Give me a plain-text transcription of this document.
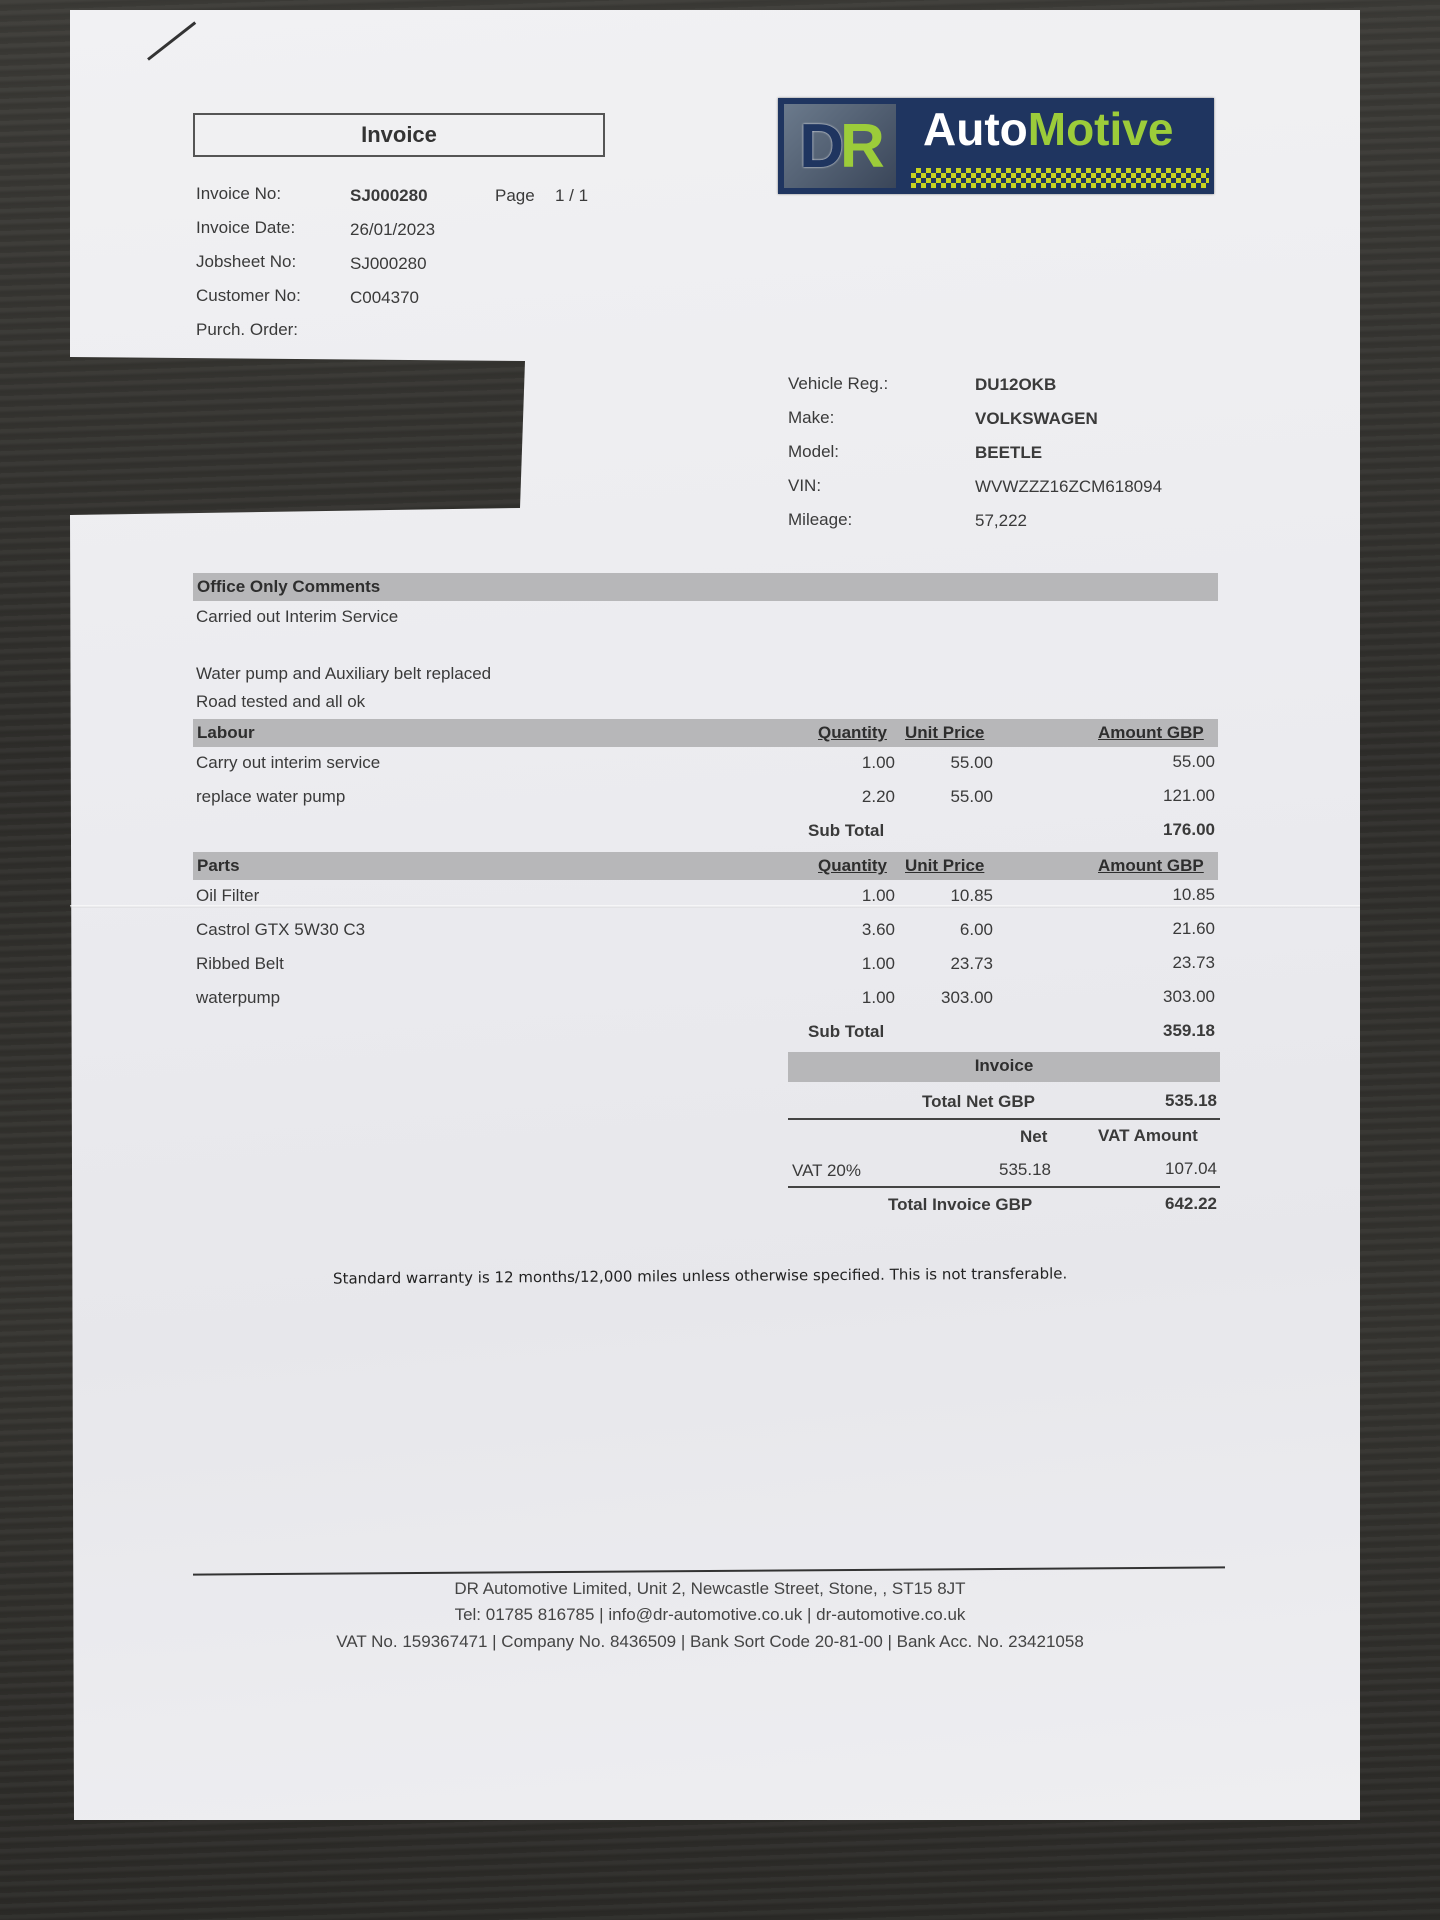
Invoice
Invoice No:	SJ000280	Page 1 / 1
Invoice Date:	26/01/2023
Jobsheet No:	SJ000280
Customer No:	C004370
Purch. Order:
D R AutoMotive
Vehicle Reg.:	DU12OKB
Make:	VOLKSWAGEN
Model:	BEETLE
VIN:	WVWZZZ16ZCM618094
Mileage:	57,222
Office Only Comments
Carried out Interim Service
Water pump and Auxiliary belt replaced
Road tested and all ok
Labour	Quantity Unit Price	Amount GBP
Carry out interim service	1.00	55.00	55.00
replace water pump	2.20	55.00	121.00
Sub Total	176.00
Parts	Quantity Unit Price	Amount GBP
Oil Filter	1.00	10.85	10.85
Castrol GTX 5W30 C3	3.60	6.00	21.60
Ribbed Belt	1.00	23.73	23.73
waterpump	1.00	303.00	303.00
Sub Total	359.18
Invoice
Total Net GBP	535.18
Net	VAT Amount
VAT 20%	535.18	107.04
Total Invoice GBP	642.22
Standard warranty is 12 months/12,000 miles unless otherwise specified. This is not transferable.
DR Automotive Limited, Unit 2, Newcastle Street, Stone, , ST15 8JT
Tel: 01785 816785 | info@dr-automotive.co.uk | dr-automotive.co.uk
VAT No. 159367471 | Company No. 8436509 | Bank Sort Code 20-81-00 | Bank Acc. No. 23421058
